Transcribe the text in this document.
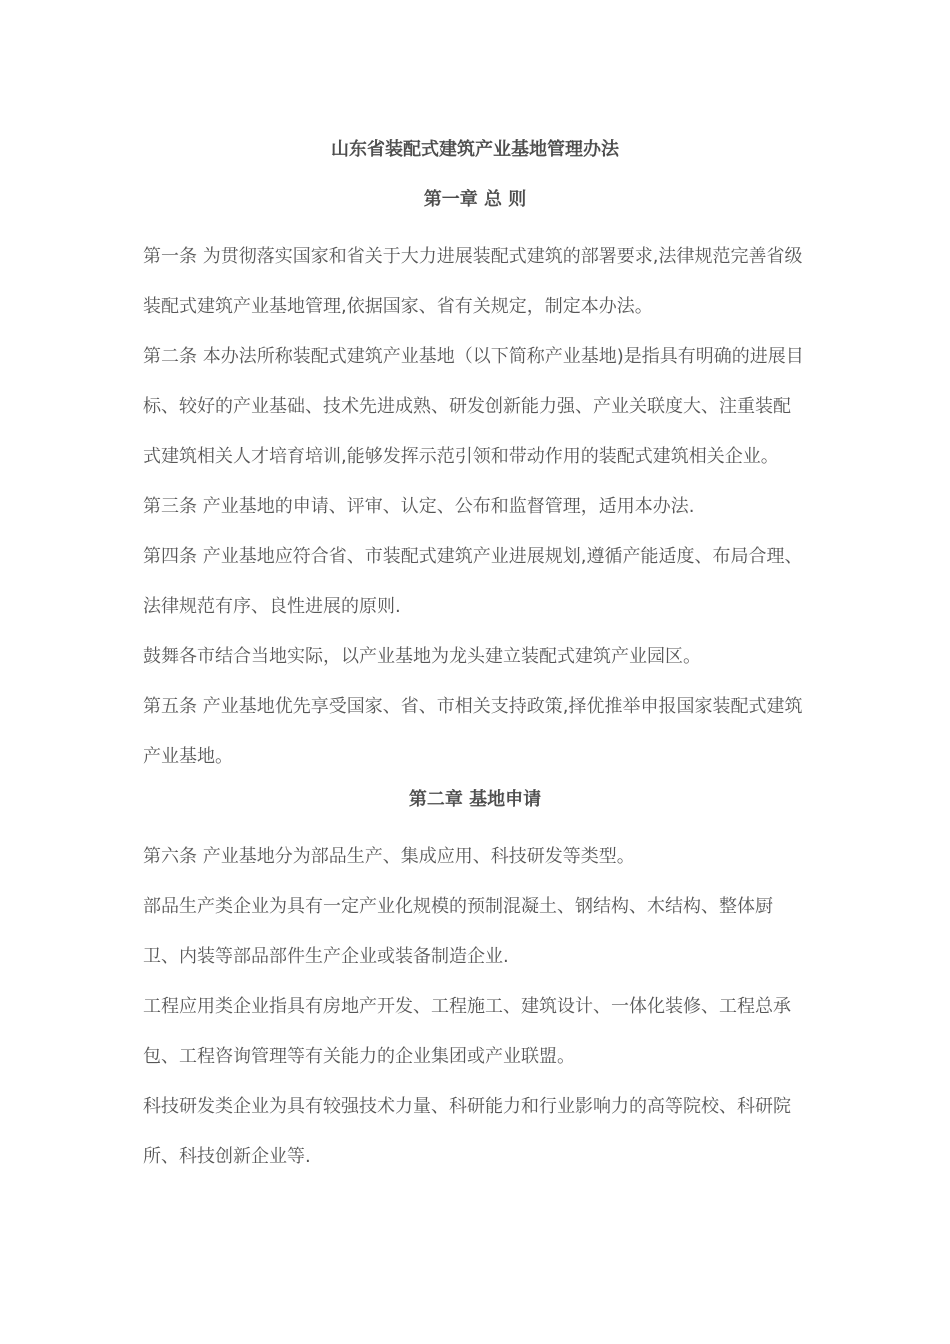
山东省装配式建筑产业基地管理办法
第一章 总 则

第一条 为贯彻落实国家和省关于大力进展装配式建筑的部署要求,法律规范完善省级装配式建筑产业基地管理,依据国家、省有关规定，制定本办法。

第二条 本办法所称装配式建筑产业基地（以下简称产业基地)是指具有明确的进展目标、较好的产业基础、技术先进成熟、研发创新能力强、产业关联度大、注重装配式建筑相关人才培育培训,能够发挥示范引领和带动作用的装配式建筑相关企业。

第三条 产业基地的申请、评审、认定、公布和监督管理，适用本办法.

第四条 产业基地应符合省、市装配式建筑产业进展规划,遵循产能适度、布局合理、法律规范有序、良性进展的原则.

鼓舞各市结合当地实际，以产业基地为龙头建立装配式建筑产业园区。

第五条 产业基地优先享受国家、省、市相关支持政策,择优推举申报国家装配式建筑产业基地。

第二章 基地申请

第六条 产业基地分为部品生产、集成应用、科技研发等类型。

部品生产类企业为具有一定产业化规模的预制混凝土、钢结构、木结构、整体厨卫、内装等部品部件生产企业或装备制造企业.

工程应用类企业指具有房地产开发、工程施工、建筑设计、一体化装修、工程总承包、工程咨询管理等有关能力的企业集团或产业联盟。

科技研发类企业为具有较强技术力量、科研能力和行业影响力的高等院校、科研院所、科技创新企业等.
